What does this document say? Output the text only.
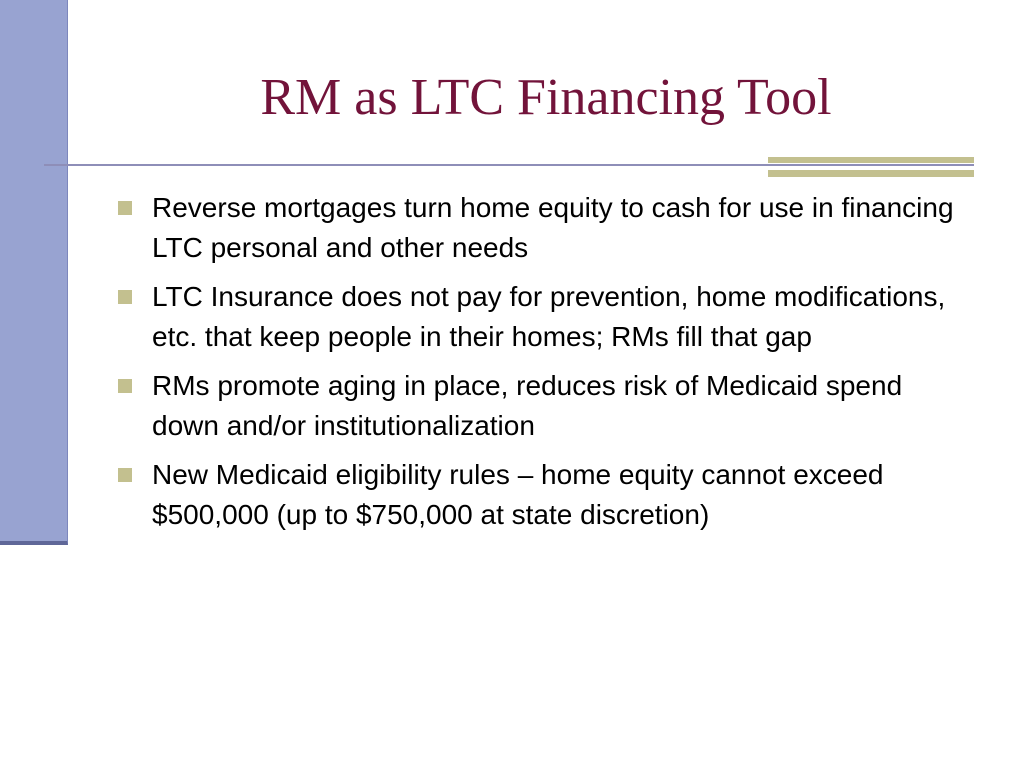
RM as LTC Financing Tool
Reverse mortgages turn home equity to cash for use in financing LTC personal and other needs
LTC Insurance does not pay for prevention, home modifications, etc. that keep people in their homes; RMs fill that gap
RMs promote aging in place, reduces risk of Medicaid spend down and/or institutionalization
New Medicaid eligibility rules – home equity cannot exceed $500,000 (up to $750,000 at state discretion)
